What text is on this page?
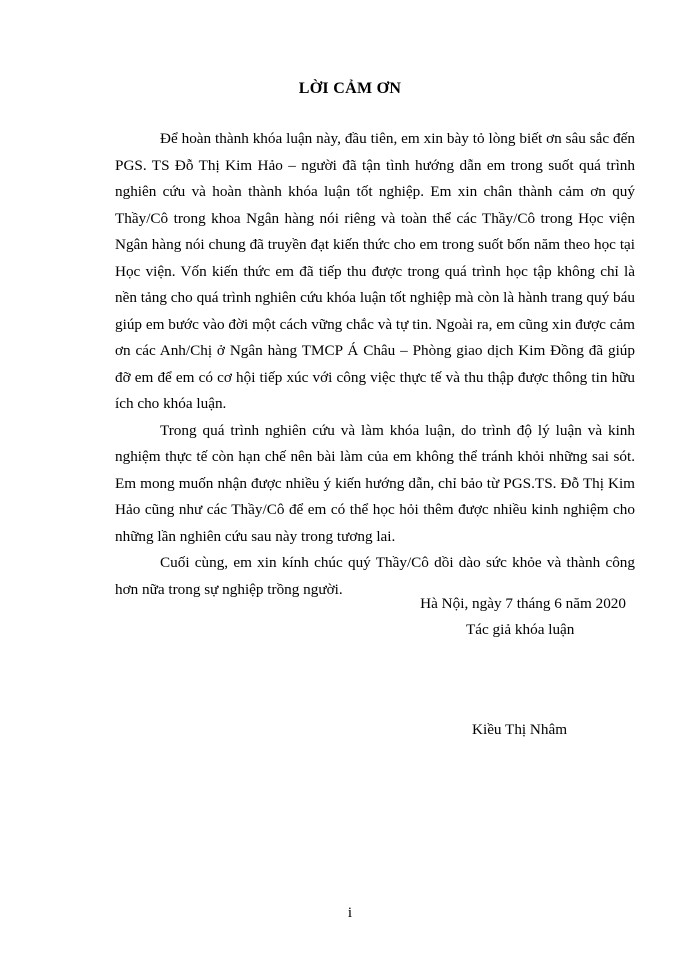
LỜI CẢM ƠN

Để hoàn thành khóa luận này, đầu tiên, em xin bày tỏ lòng biết ơn sâu sắc đến PGS. TS Đỗ Thị Kim Hảo – người đã tận tình hướng dẫn em trong suốt quá trình nghiên cứu và hoàn thành khóa luận tốt nghiệp. Em xin chân thành cảm ơn quý Thầy/Cô trong khoa Ngân hàng nói riêng và toàn thể các Thầy/Cô trong Học viện Ngân hàng nói chung đã truyền đạt kiến thức cho em trong suốt bốn năm theo học tại Học viện. Vốn kiến thức em đã tiếp thu được trong quá trình học tập không chỉ là nền tảng cho quá trình nghiên cứu khóa luận tốt nghiệp mà còn là hành trang quý báu giúp em bước vào đời một cách vững chắc và tự tin. Ngoài ra, em cũng xin được cảm ơn các Anh/Chị ở Ngân hàng TMCP Á Châu – Phòng giao dịch Kim Đồng đã giúp đỡ em để em có cơ hội tiếp xúc với công việc thực tế và thu thập được thông tin hữu ích cho khóa luận.

Trong quá trình nghiên cứu và làm khóa luận, do trình độ lý luận và kinh nghiệm thực tế còn hạn chế nên bài làm của em không thể tránh khỏi những sai sót. Em mong muốn nhận được nhiều ý kiến hướng dẫn, chỉ bảo từ PGS.TS. Đỗ Thị Kim Hảo cũng như các Thầy/Cô để em có thể học hỏi thêm được nhiều kinh nghiệm cho những lần nghiên cứu sau này trong tương lai.

Cuối cùng, em xin kính chúc quý Thầy/Cô dồi dào sức khỏe và thành công hơn nữa trong sự nghiệp trồng người.

Hà Nội, ngày 7 tháng 6 năm 2020
Tác giả khóa luận
Kiều Thị Nhâm
i
